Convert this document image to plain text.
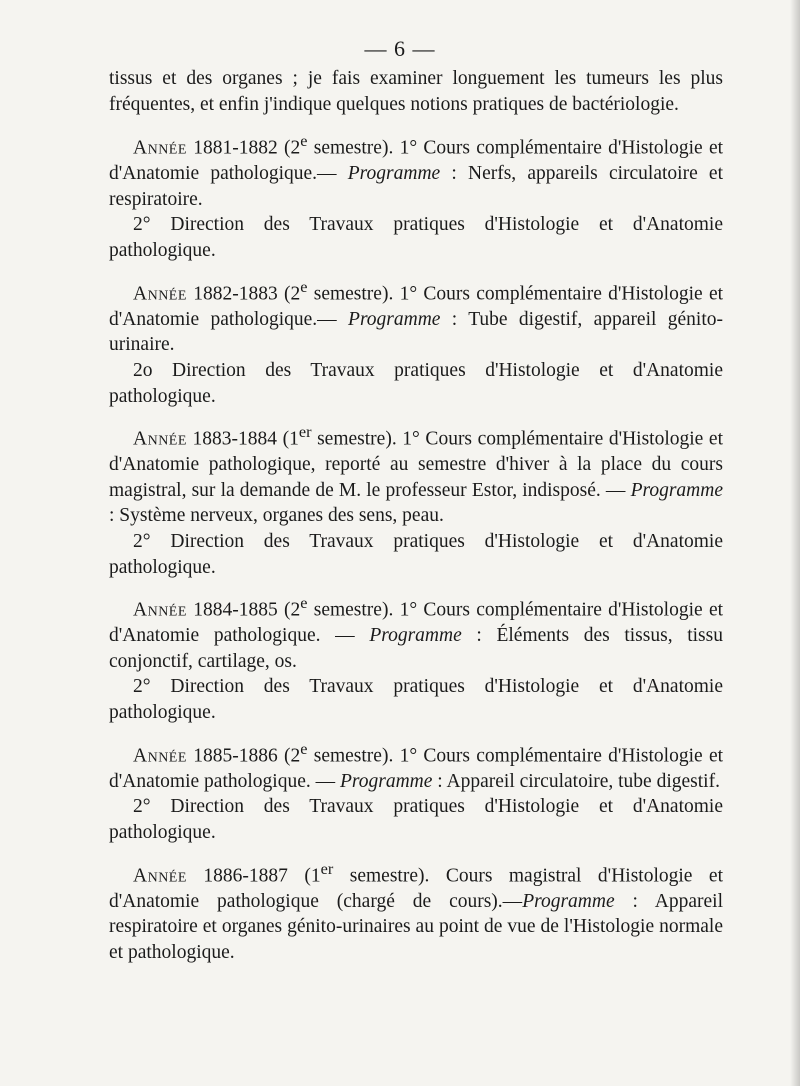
— 6 —

tissus et des organes ; je fais examiner longuement les tumeurs les plus fréquentes, et enfin j'indique quelques notions pratiques de bactériologie.

Année 1881-1882 (2e semestre). 1° Cours complémentaire d'Histologie et d'Anatomie pathologique.— Programme : Nerfs, appareils circulatoire et respiratoire.

2° Direction des Travaux pratiques d'Histologie et d'Anatomie pathologique.

Année 1882-1883 (2e semestre). 1° Cours complémentaire d'Histologie et d'Anatomie pathologique.— Programme : Tube digestif, appareil génito-urinaire.

2o Direction des Travaux pratiques d'Histologie et d'Anatomie pathologique.

Année 1883-1884 (1er semestre). 1° Cours complémentaire d'Histologie et d'Anatomie pathologique, reporté au semestre d'hiver à la place du cours magistral, sur la demande de M. le professeur Estor, indisposé. — Programme : Système nerveux, organes des sens, peau.

2° Direction des Travaux pratiques d'Histologie et d'Anatomie pathologique.

Année 1884-1885 (2e semestre). 1° Cours complémentaire d'Histologie et d'Anatomie pathologique. — Programme : Éléments des tissus, tissu conjonctif, cartilage, os.

2° Direction des Travaux pratiques d'Histologie et d'Anatomie pathologique.

Année 1885-1886 (2e semestre). 1° Cours complémentaire d'Histologie et d'Anatomie pathologique. — Programme : Appareil circulatoire, tube digestif.

2° Direction des Travaux pratiques d'Histologie et d'Anatomie pathologique.

Année 1886-1887 (1er semestre). Cours magistral d'Histologie et d'Anatomie pathologique (chargé de cours).—Programme : Appareil respiratoire et organes génito-urinaires au point de vue de l'Histologie normale et pathologique.
